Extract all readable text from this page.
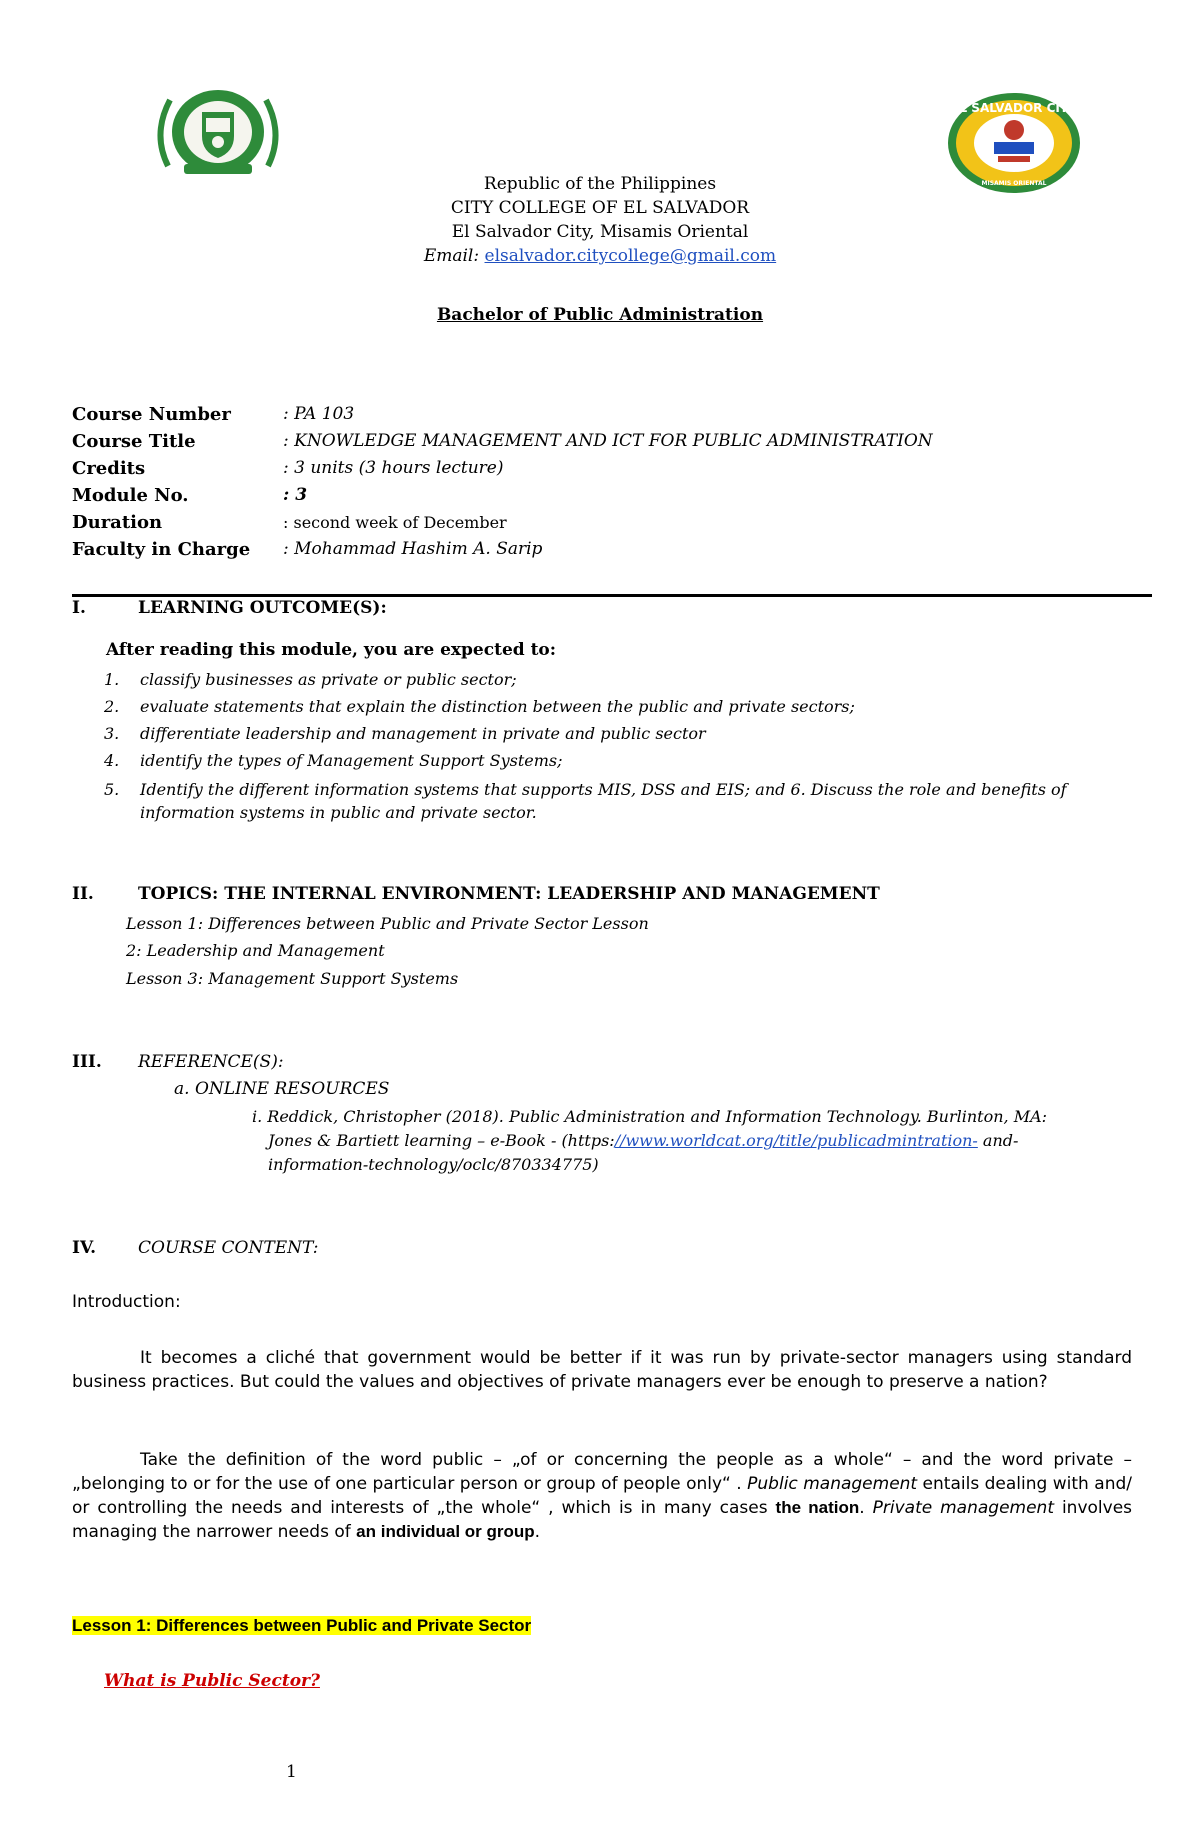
EL SALVADOR CITY
MISAMIS ORIENTAL
Republic of the Philippines
CITY COLLEGE OF EL SALVADOR
El Salvador City, Misamis Oriental
Email: elsalvador.citycollege@gmail.com
Bachelor of Public Administration
Course Number	: PA 103
Course Title	: KNOWLEDGE MANAGEMENT AND ICT FOR PUBLIC ADMINISTRATION
Credits	: 3 units (3 hours lecture)
Module No.	: 3
Duration	: second week of December
Faculty in Charge : Mohammad Hashim A. Sarip
I.	LEARNING OUTCOME(S):
After reading this module, you are expected to:
1. classify businesses as private or public sector;
2. evaluate statements that explain the distinction between the public and private sectors;
3. differentiate leadership and management in private and public sector
4. identify the types of Management Support Systems;
5. Identify the different information systems that supports MIS, DSS and EIS; and 6. Discuss the role and benefits of information systems in public and private sector.
II.	TOPICS: THE INTERNAL ENVIRONMENT: LEADERSHIP AND MANAGEMENT
Lesson 1: Differences between Public and Private Sector Lesson
2: Leadership and Management
Lesson 3: Management Support Systems
III. REFERENCE(S):
a. ONLINE RESOURCES
i. Reddick, Christopher (2018). Public Administration and Information Technology. Burlinton, MA:
Jones & Bartiett learning – e-Book - (https://www.worldcat.org/title/publicadmintration- and-
information-technology/oclc/870334775)
IV. COURSE CONTENT:
Introduction:
It becomes a cliché that government would be better if it was run by private-sector managers using standard business practices. But could the values and objectives of private managers ever be enough to preserve a nation?
Take the definition of the word public – „of or concerning the people as a whole“ – and the word private – „belonging to or for the use of one particular person or group of people only“ . Public management entails dealing with and/ or controlling the needs and interests of „the whole“ , which is in many cases the nation. Private management involves managing the narrower needs of an individual or group.
Lesson 1: Differences between Public and Private Sector
What is Public Sector?
1
